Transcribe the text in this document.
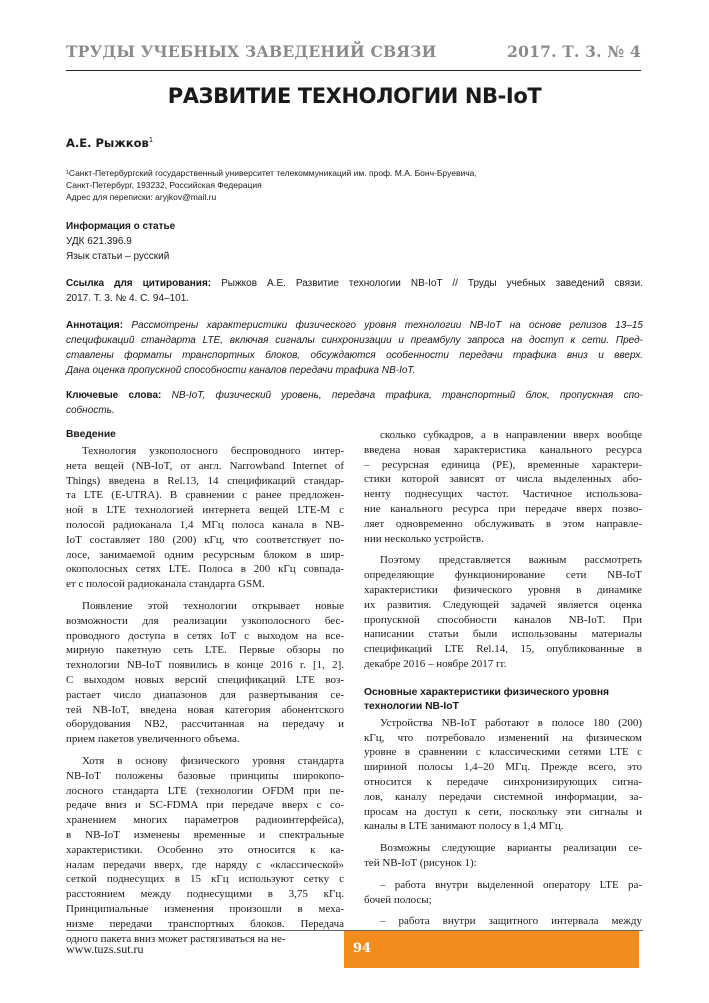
ТРУДЫ УЧЕБНЫХ ЗАВЕДЕНИЙ СВЯЗИ	2017. Т. 3. № 4
РАЗВИТИЕ ТЕХНОЛОГИИ NB-IoT
А.Е. Рыжков$^1$
¹Санкт-Петербургский государственный университет телекоммуникаций им. проф. М.А. Бонч-Бруевича,
Санкт-Петербург, 193232, Российская Федерация
Адрес для переписки: aryjkov@mail.ru
Информация о статье
УДК 621.396.9
Язык статьи – русский
Ссылка для цитирования: Рыжков А.Е. Развитие технологии NB-IoT // Труды учебных заведений связи.
2017. Т. 3. № 4. С. 94–101.
Аннотация: Рассмотрены характеристики физического уровня технологии NB-IoT на основе релизов 13–15
спецификаций стандарта LTE, включая сигналы синхронизации и преамбулу запроса на доступ к сети. Пред-
ставлены форматы транспортных блоков, обсуждаются особенности передачи трафика вниз и вверх.
Дана оценка пропускной способности каналов передачи трафика NB-IoT.
Ключевые слова: NB-IoT, физический уровень, передача трафика, транспортный блок, пропускная спо-
собность.
Введение
Технология узкополосного беспроводного интер-
нета вещей (NB-IoT, от англ. Narrowband Internet of
Things) введена в Rel.13, 14 спецификаций стандар-
та LTE (E-UTRA). В сравнении с ранее предложен-
ной в LTE технологией интернета вещей LTE-M с
полосой радиоканала 1,4 МГц полоса канала в NB-
IoT составляет 180 (200) кГц, что соответствует по-
лосе, занимаемой одним ресурсным блоком в шир-
окополосных сетях LTE. Полоса в 200 кГц совпада-
ет с полосой радиоканала стандарта GSM.
Появление этой технологии открывает новые
возможности для реализации узкополосного бес-
проводного доступа в сетях IoT с выходом на все-
мирную пакетную сеть LTE. Первые обзоры по
технологии NB-IoT появились в конце 2016 г. [1, 2].
С выходом новых версий спецификаций LTE воз-
растает число диапазонов для развертывания се-
тей NB-IoT, введена новая категория абонентского
оборудования NB2, рассчитанная на передачу и
прием пакетов увеличенного объема.
Хотя в основу физического уровня стандарта
NB-IoT положены базовые принципы широкопо-
лосного стандарта LTE (технологии OFDM при пе-
редаче вниз и SC-FDMA при передаче вверх с со-
хранением многих параметров радиоинтерфейса),
в NB-IoT изменены временные и спектральные
характеристики. Особенно это относится к ка-
налам передачи вверх, где наряду с «классической»
сеткой поднесущих в 15 кГц используют сетку с
расстоянием между поднесущими в 3,75 кГц.
Принципиальные изменения произошли в меха-
низме передачи транспортных блоков. Передача
одного пакета вниз может растягиваться на не-
сколько субкадров, а в направлении вверх вообще
введена новая характеристика канального ресурса
– ресурсная единица (РЕ), временные характери-
стики которой зависят от числа выделенных або-
ненту поднесущих частот. Частичное использова-
ние канального ресурса при передаче вверх позво-
ляет одновременно обслуживать в этом направле-
нии несколько устройств.
Поэтому представляется важным рассмотреть
определяющие функционирование сети NB-IoT
характеристики физического уровня в динамике
их развития. Следующей задачей является оценка
пропускной способности каналов NB-IoT. При
написании статьи были использованы материалы
спецификаций LTE Rel.14, 15, опубликованные в
декабре 2016 – ноябре 2017 гг.
Основные характеристики физического уровня
технологии NB-IoT
Устройства NB-IoT работают в полосе 180 (200)
кГц, что потребовало изменений на физическом
уровне в сравнении с классическими сетями LTE с
шириной полосы 1,4–20 МГц. Прежде всего, это
относится к передаче синхронизирующих сигна-
лов, каналу передачи системной информации, за-
просам на доступ к сети, поскольку эти сигналы и
каналы в LTE занимают полосу в 1,4 МГц.
Возможны следующие варианты реализации се-
тей NB-IoT (рисунок 1):
– работа внутри выделенной оператору LTE ра-
бочей полосы;
– работа внутри защитного интервала между
www.tuzs.sut.ru	94
